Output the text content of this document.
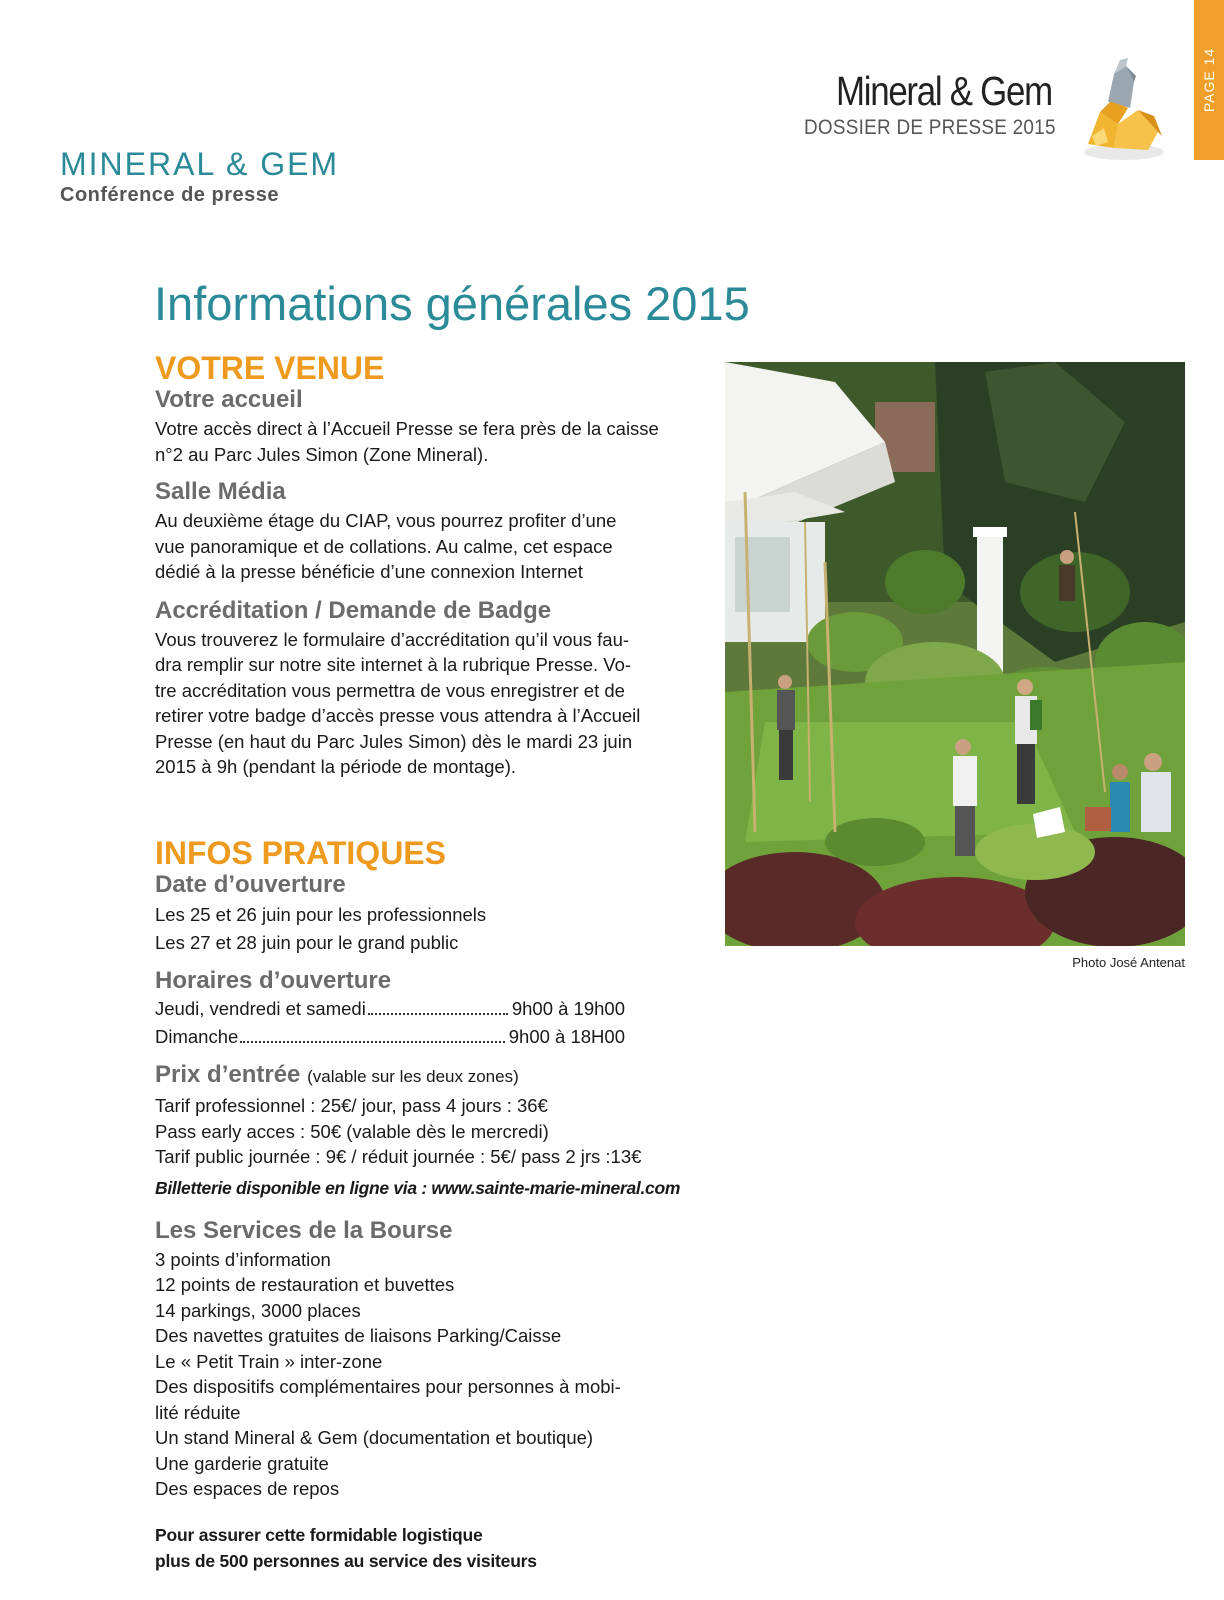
PAGE 14
Mineral & Gem
DOSSIER DE PRESSE 2015
MINERAL & GEM
Conférence de presse
Informations générales 2015
VOTRE VENUE
Votre accueil

Votre accès direct à l’Accueil Presse se fera près de la caisse

n°2 au Parc Jules Simon (Zone Mineral).

Salle Média

Au deuxième étage du CIAP, vous pourrez profiter d’une

vue panoramique et de collations. Au calme, cet espace

dédié à la presse bénéficie d’une connexion Internet

Accréditation / Demande de Badge

Vous trouverez le formulaire d’accréditation qu’il vous fau-

dra remplir sur notre site internet à la rubrique Presse. Vo-

tre accréditation vous permettra de vous enregistrer et de

retirer votre badge d’accès presse vous attendra à l’Accueil

Presse (en haut du Parc Jules Simon) dès le mardi 23 juin

2015 à 9h (pendant la période de montage).

INFOS PRATIQUES
Date d’ouverture

Les 25 et 26 juin pour les professionnels

Les 27 et 28 juin pour le grand public

Horaires d’ouverture
Jeudi, vendredi et samedi	9h00 à 19h00
Dimanche	9h00 à 18H00
Prix d’entrée (valable sur les deux zones)

Tarif professionnel : 25€/ jour, pass 4 jours : 36€

Pass early acces : 50€ (valable dès le mercredi)

Tarif public journée : 9€ / réduit journée : 5€/ pass 2 jrs :13€

Billetterie disponible en ligne via : www.sainte-marie-mineral.com

Les Services de la Bourse

3 points d’information

12 points de restauration et buvettes

14 parkings, 3000 places

Des navettes gratuites de liaisons Parking/Caisse

Le « Petit Train » inter-zone

Des dispositifs complémentaires pour personnes à mobi-

lité réduite

Un stand Mineral & Gem (documentation et boutique)

Une garderie gratuite

Des espaces de repos

Pour assurer cette formidable logistique

plus de 500 personnes au service des visiteurs

Photo José Antenat
